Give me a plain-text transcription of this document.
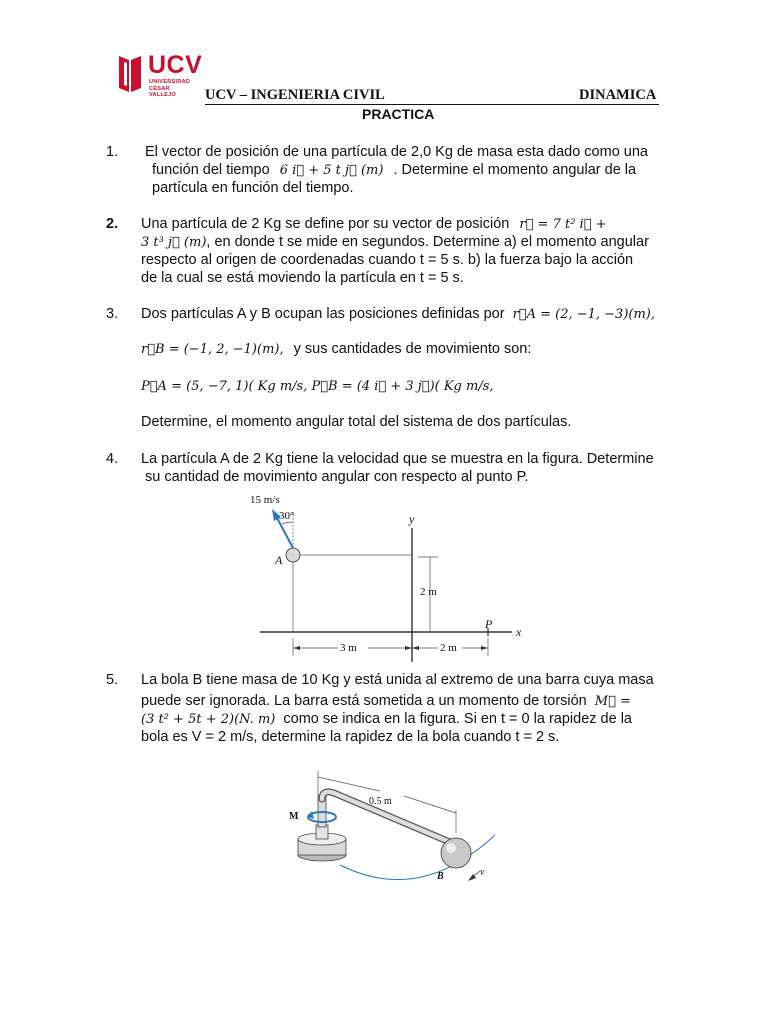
UCV
UNIVERSIDAD
CÉSAR VALLEJO	UCV – INGENIERIA CIVIL	DINAMICA
PRACTICA
1. El vector de posición de una partícula de 2,0 Kg de masa esta dado como una
función del tiempo 6 i⃗ + 5 t j⃗ (m) . Determine el momento angular de la
partícula en función del tiempo.
2. Una partícula de 2 Kg se define por su vector de posición r⃗ = 7 t² i⃗ +
3 t³ j⃗ (m), en donde t se mide en segundos. Determine a) el momento angular
respecto al origen de coordenadas cuando t = 5 s. b) la fuerza bajo la acción
de la cual se está moviendo la partícula en t = 5 s.
3. Dos partículas A y B ocupan las posiciones definidas por r⃗A = (2, −1, −3)(m),
r⃗B = (−1, 2, −1)(m), y sus cantidades de movimiento son:
P⃗A = (5, −7, 1)( Kg m/s, P⃗B = (4 i⃗ + 3 j⃗)( Kg m/s,
Determine, el momento angular total del sistema de dos partículas.
4. La partícula A de 2 Kg tiene la velocidad que se muestra en la figura. Determine
su cantidad de movimiento angular con respecto al punto P.
15 m/s
30°
A
y
x
P
2 m
3 m	2 m
5. La bola B tiene masa de 10 Kg y está unida al extremo de una barra cuya masa
puede ser ignorada. La barra está sometida a un momento de torsión M⃗ =
(3 t² + 5t + 2)(N. m) como se indica en la figura. Si en t = 0 la rapidez de la
bola es V = 2 m/s, determine la rapidez de la bola cuando t = 2 s.
0.5 m
M
B	v
